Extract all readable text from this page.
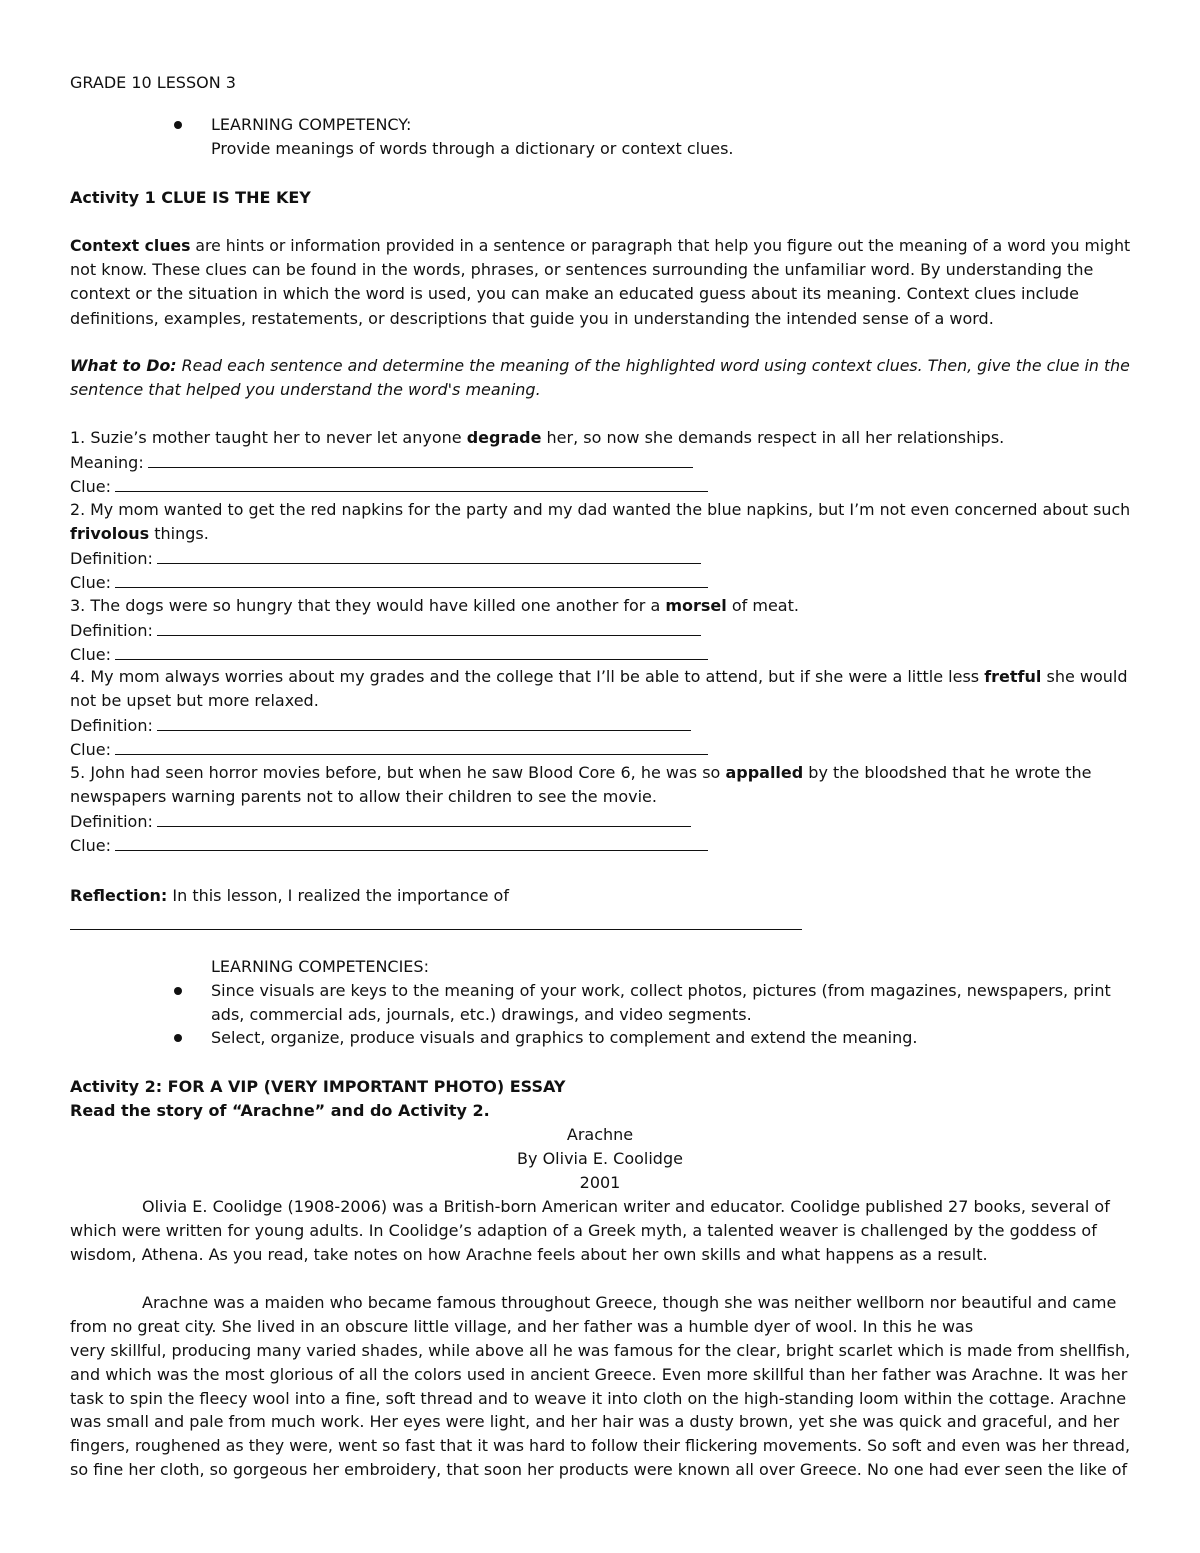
GRADE 10 LESSON 3
LEARNING COMPETENCY:
Provide meanings of words through a dictionary or context clues.
Activity 1 CLUE IS THE KEY
Context clues are hints or information provided in a sentence or paragraph that help you figure out the meaning of a word you might
not know. These clues can be found in the words, phrases, or sentences surrounding the unfamiliar word. By understanding the
context or the situation in which the word is used, you can make an educated guess about its meaning. Context clues include
definitions, examples, restatements, or descriptions that guide you in understanding the intended sense of a word.
What to Do: Read each sentence and determine the meaning of the highlighted word using context clues. Then, give the clue in the
sentence that helped you understand the word's meaning.
1. Suzie’s mother taught her to never let anyone degrade her, so now she demands respect in all her relationships.
Meaning:
Clue:
2. My mom wanted to get the red napkins for the party and my dad wanted the blue napkins, but I’m not even concerned about such
frivolous things.
Definition:
Clue:
3. The dogs were so hungry that they would have killed one another for a morsel of meat.
Definition:
Clue:
4. My mom always worries about my grades and the college that I’ll be able to attend, but if she were a little less fretful she would
not be upset but more relaxed.
Definition:
Clue:
5. John had seen horror movies before, but when he saw Blood Core 6, he was so appalled by the bloodshed that he wrote the
newspapers warning parents not to allow their children to see the movie.
Definition:
Clue:
Reflection: In this lesson, I realized the importance of
LEARNING COMPETENCIES:
Since visuals are keys to the meaning of your work, collect photos, pictures (from magazines, newspapers, print
ads, commercial ads, journals, etc.) drawings, and video segments.
Select, organize, produce visuals and graphics to complement and extend the meaning.
Activity 2: FOR A VIP (VERY IMPORTANT PHOTO) ESSAY
Read the story of “Arachne” and do Activity 2.
Arachne
By Olivia E. Coolidge
2001
Olivia E. Coolidge (1908-2006) was a British-born American writer and educator. Coolidge published 27 books, several of
which were written for young adults. In Coolidge’s adaption of a Greek myth, a talented weaver is challenged by the goddess of
wisdom, Athena. As you read, take notes on how Arachne feels about her own skills and what happens as a result.
Arachne was a maiden who became famous throughout Greece, though she was neither wellborn nor beautiful and came
from no great city. She lived in an obscure little village, and her father was a humble dyer of wool. In this he was
very skillful, producing many varied shades, while above all he was famous for the clear, bright scarlet which is made from shellfish,
and which was the most glorious of all the colors used in ancient Greece. Even more skillful than her father was Arachne. It was her
task to spin the fleecy wool into a fine, soft thread and to weave it into cloth on the high-standing loom within the cottage. Arachne
was small and pale from much work. Her eyes were light, and her hair was a dusty brown, yet she was quick and graceful, and her
fingers, roughened as they were, went so fast that it was hard to follow their flickering movements. So soft and even was her thread,
so fine her cloth, so gorgeous her embroidery, that soon her products were known all over Greece. No one had ever seen the like of
